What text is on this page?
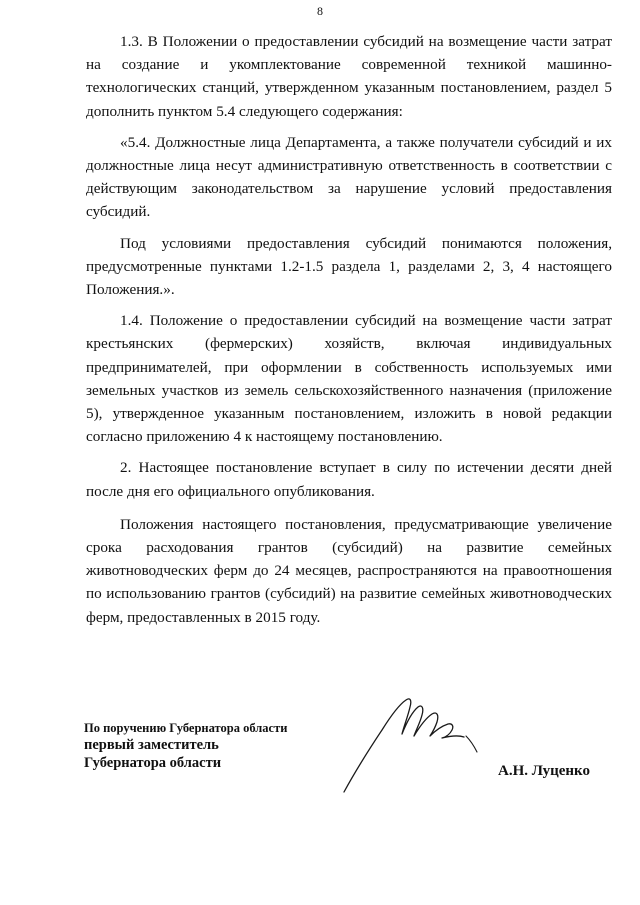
8

1.3. В Положении о предоставлении субсидий на возмещение части затрат на создание и укомплектование современной техникой машинно-технологических станций, утвержденном указанным постановлением, раздел 5 дополнить пунктом 5.4 следующего содержания:

«5.4. Должностные лица Департамента, а также получатели субсидий и их должностные лица несут административную ответственность в соответствии с действующим законодательством за нарушение условий предоставления субсидий.

Под условиями предоставления субсидий понимаются положения, предусмотренные пунктами 1.2-1.5 раздела 1, разделами 2, 3, 4 настоящего Положения.».

1.4. Положение о предоставлении субсидий на возмещение части затрат крестьянских (фермерских) хозяйств, включая индивидуальных предпринимателей, при оформлении в собственность используемых ими земельных участков из земель сельскохозяйственного назначения (приложение 5), утвержденное указанным постановлением, изложить в новой редакции согласно приложению 4 к настоящему постановлению.

2. Настоящее постановление вступает в силу по истечении десяти дней после дня его официального опубликования.

Положения настоящего постановления, предусматривающие увеличение срока расходования грантов (субсидий) на развитие семейных животноводческих ферм до 24 месяцев, распространяются на правоотношения по использованию грантов (субсидий) на развитие семейных животноводческих ферм, предоставленных в 2015 году.

По поручению Губернатора области
первый заместитель
Губернатора области	А.Н. Луценко
